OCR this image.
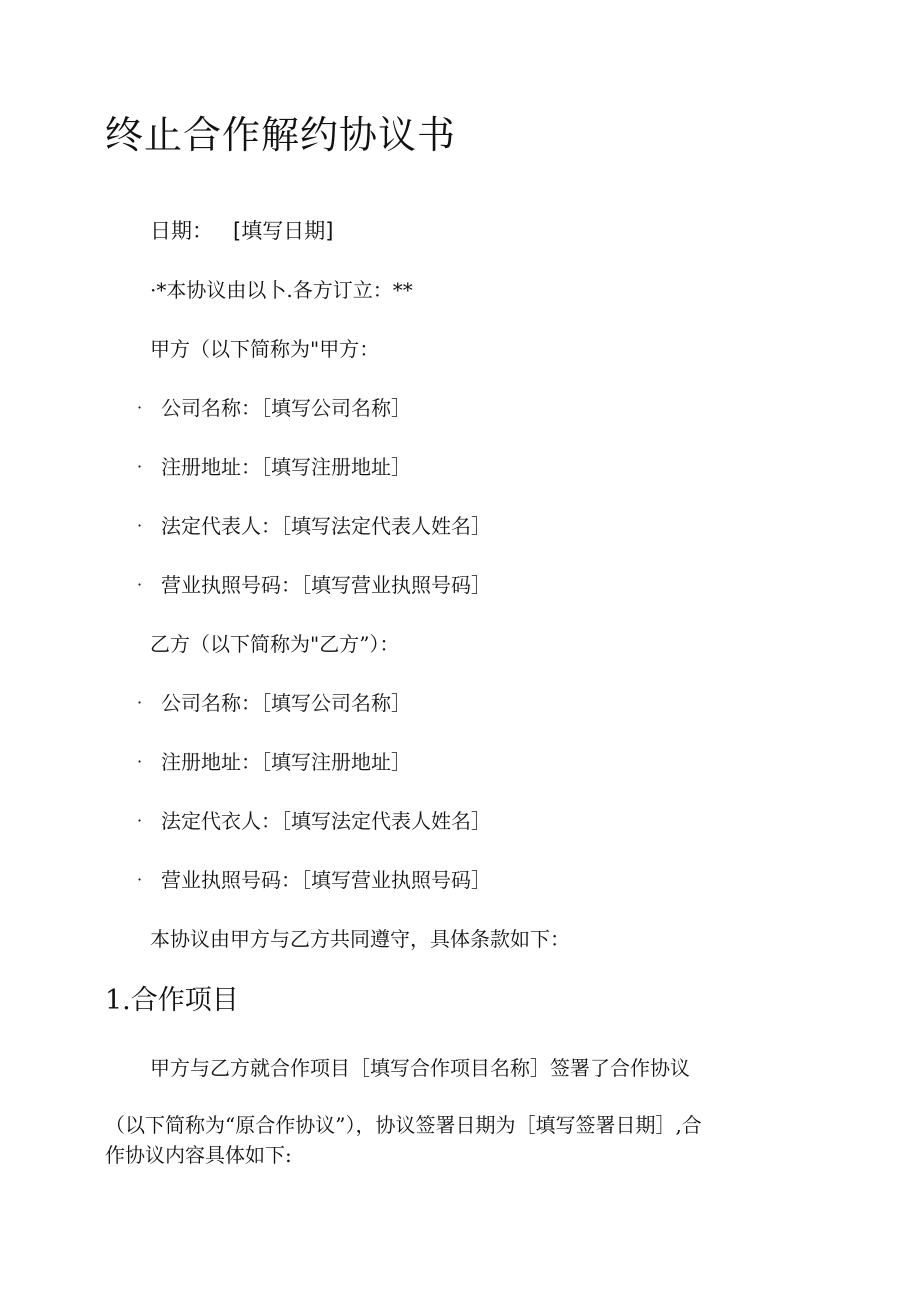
终止合作解约协议书
日期： [填写日期]
·*本协议由以卜.各方订立：**
甲方（以下简称为"甲方：
· 公司名称：［填写公司名称］
· 注册地址：［填写注册地址］
· 法定代表人：［填写法定代表人姓名］
· 营业执照号码：［填写营业执照号码］
乙方（以下简称为"乙方”）：
· 公司名称：［填写公司名称］
· 注册地址：［填写注册地址］
· 法定代衣人：［填写法定代表人姓名］
· 营业执照号码：［填写营业执照号码］
本协议由甲方与乙方共同遵守，具体条款如下：
1.合作项目
甲方与乙方就合作项目［填写合作项目名称］签署了合作协议
（以下简称为“原合作协议”），协议签署日期为［填写签署日期］,合
作协议内容具体如下:
